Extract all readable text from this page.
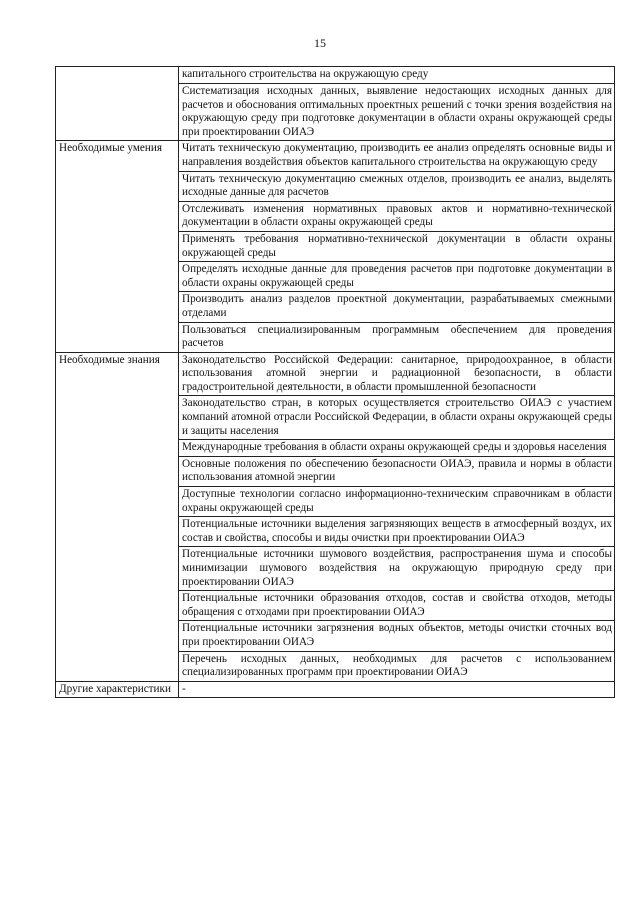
15
	капитального строительства на окружающую среду
	Систематизация исходных данных, выявление недостающих исходных данных для расчетов и обоснования оптимальных проектных решений с точки зрения воздействия на окружающую среду при подготовке документации в области охраны окружающей среды при проектировании ОИАЭ
Необходимые умения	Читать техническую документацию, производить ее анализ определять основные виды и направления воздействия объектов капитального строительства на окружающую среду
	Читать техническую документацию смежных отделов, производить ее анализ, выделять исходные данные для расчетов
	Отслеживать изменения нормативных правовых актов и нормативно-технической документации в области охраны окружающей среды
	Применять требования нормативно-технической документации в области охраны окружающей среды
	Определять исходные данные для проведения расчетов при подготовке документации в области охраны окружающей среды
	Производить анализ разделов проектной документации, разрабатываемых смежными отделами
	Пользоваться специализированным программным обеспечением для проведения расчетов
Необходимые знания	Законодательство Российской Федерации: санитарное, природоохранное, в области использования атомной энергии и радиационной безопасности, в области градостроительной деятельности, в области промышленной безопасности
	Законодательство стран, в которых осуществляется строительство ОИАЭ с участием компаний атомной отрасли Российской Федерации, в области охраны окружающей среды и защиты населения
	Международные требования в области охраны окружающей среды и здоровья населения
	Основные положения по обеспечению безопасности ОИАЭ, правила и нормы в области использования атомной энергии
	Доступные технологии согласно информационно-техническим справочникам в области охраны окружающей среды
	Потенциальные источники выделения загрязняющих веществ в атмосферный воздух, их состав и свойства, способы и виды очистки при проектировании ОИАЭ
	Потенциальные источники шумового воздействия, распространения шума и способы минимизации шумового воздействия на окружающую природную среду при проектировании ОИАЭ
	Потенциальные источники образования отходов, состав и свойства отходов, методы обращения с отходами при проектировании ОИАЭ
	Потенциальные источники загрязнения водных объектов, методы очистки сточных вод при проектировании ОИАЭ
	Перечень исходных данных, необходимых для расчетов с использованием специализированных программ при проектировании ОИАЭ
Другие характеристики	-
